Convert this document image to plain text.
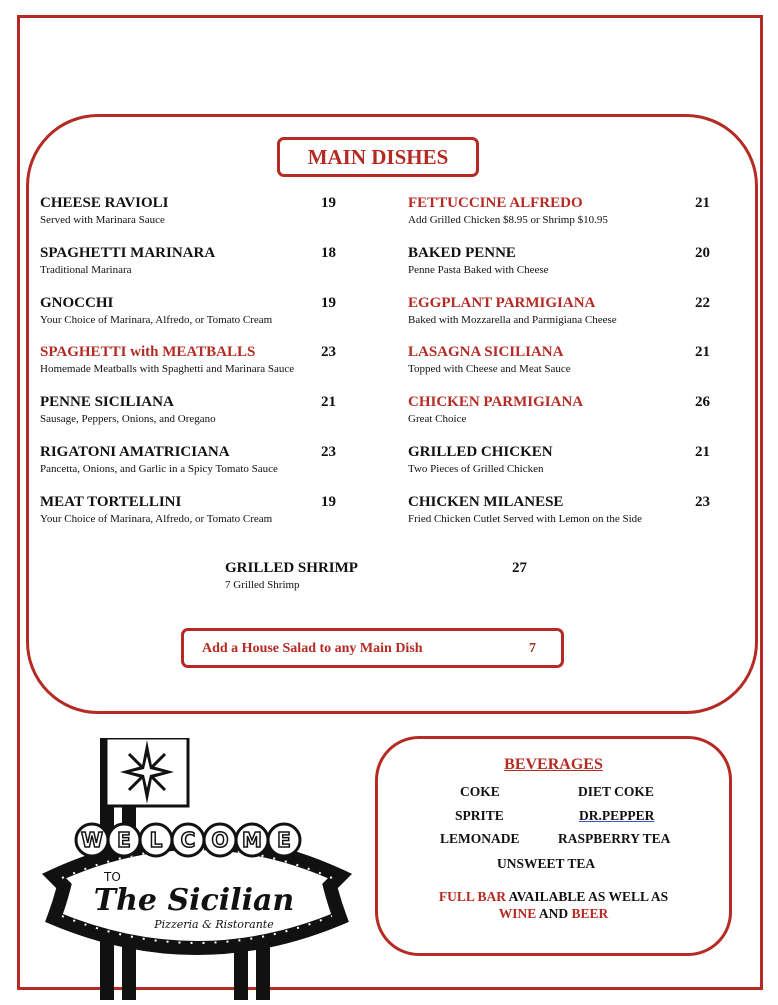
MAIN DISHES
CHEESE RAVIOLI	19
Served with Marinara Sauce
SPAGHETTI MARINARA	18
Traditional Marinara
GNOCCHI	19
Your Choice of Marinara, Alfredo, or Tomato Cream
SPAGHETTI with MEATBALLS	23
Homemade Meatballs with Spaghetti and Marinara Sauce
PENNE SICILIANA	21
Sausage, Peppers, Onions, and Oregano
RIGATONI AMATRICIANA	23
Pancetta, Onions, and Garlic in a Spicy Tomato Sauce
MEAT TORTELLINI	19
Your Choice of Marinara, Alfredo, or Tomato Cream
FETTUCCINE ALFREDO	21
Add Grilled Chicken $8.95 or Shrimp $10.95
BAKED PENNE	20
Penne Pasta Baked with Cheese
EGGPLANT PARMIGIANA	22
Baked with Mozzarella and Parmigiana Cheese
LASAGNA SICILIANA	21
Topped with Cheese and Meat Sauce
CHICKEN PARMIGIANA	26
Great Choice
GRILLED CHICKEN	21
Two Pieces of Grilled Chicken
CHICKEN MILANESE	23
Fried Chicken Cutlet Served with Lemon on the Side
GRILLED SHRIMP	27
7 Grilled Shrimp
Add a House Salad to any Main Dish	7
BEVERAGES
COKE	DIET COKE
SPRITE	DR.PEPPER
LEMONADE	RASPBERRY TEA
UNSWEET TEA
FULL BAR AVAILABLE AS WELL AS
WINE AND BEER
W E L C O M E
TO
The Sicilian
Pizzeria & Ristorante
